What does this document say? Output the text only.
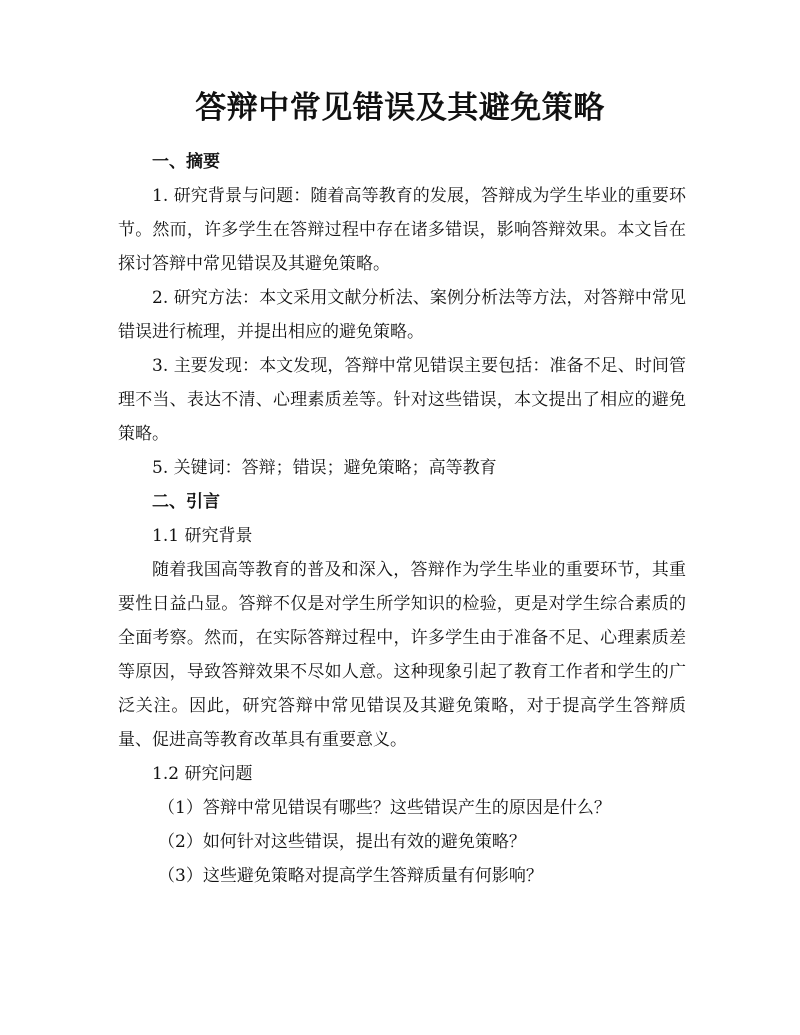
答辩中常见错误及其避免策略

一、摘要

1. 研究背景与问题：随着高等教育的发展，答辩成为学生毕业的重要环节。然而，许多学生在答辩过程中存在诸多错误，影响答辩效果。本文旨在探讨答辩中常见错误及其避免策略。

2. 研究方法：本文采用文献分析法、案例分析法等方法，对答辩中常见错误进行梳理，并提出相应的避免策略。

3. 主要发现：本文发现，答辩中常见错误主要包括：准备不足、时间管理不当、表达不清、心理素质差等。针对这些错误，本文提出了相应的避免策略。

5. 关键词：答辩；错误；避免策略；高等教育

二、引言

1.1 研究背景

随着我国高等教育的普及和深入，答辩作为学生毕业的重要环节，其重要性日益凸显。答辩不仅是对学生所学知识的检验，更是对学生综合素质的全面考察。然而，在实际答辩过程中，许多学生由于准备不足、心理素质差等原因，导致答辩效果不尽如人意。这种现象引起了教育工作者和学生的广泛关注。因此，研究答辩中常见错误及其避免策略，对于提高学生答辩质量、促进高等教育改革具有重要意义。

1.2 研究问题

（1）答辩中常见错误有哪些？这些错误产生的原因是什么？

（2）如何针对这些错误，提出有效的避免策略？

（3）这些避免策略对提高学生答辩质量有何影响？
